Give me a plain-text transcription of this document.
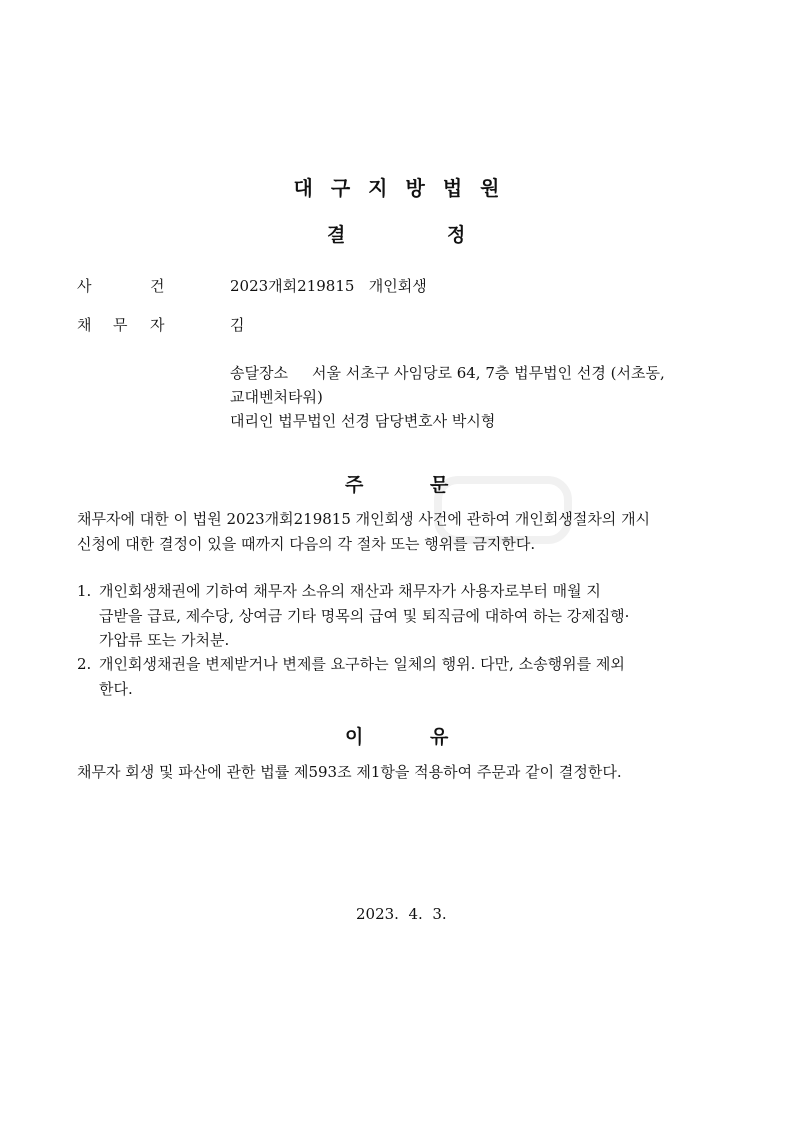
대 구 지 방 법 원
결	정
사	건	2023개회219815   개인회생
채 무 자	김
송달장소 서울 서초구 사임당로 64, 7층 법무법인 선경 (서초동,
교대벤처타워)
대리인 법무법인 선경 담당변호사 박시형
주	문
채무자에 대한 이 법원 2023개회219815 개인회생 사건에 관하여 개인회생절차의 개시
신청에 대한 결정이 있을 때까지 다음의 각 절차 또는 행위를 금지한다.
1. 개인회생채권에 기하여 채무자 소유의 재산과 채무자가 사용자로부터 매월 지
급받을 급료, 제수당, 상여금 기타 명목의 급여 및 퇴직금에 대하여 하는 강제집행·
가압류 또는 가처분.
2. 개인회생채권을 변제받거나 변제를 요구하는 일체의 행위. 다만, 소송행위를 제외
한다.
이	유
채무자 회생 및 파산에 관한 법률 제593조 제1항을 적용하여 주문과 같이 결정한다.
2023.  4.  3.
